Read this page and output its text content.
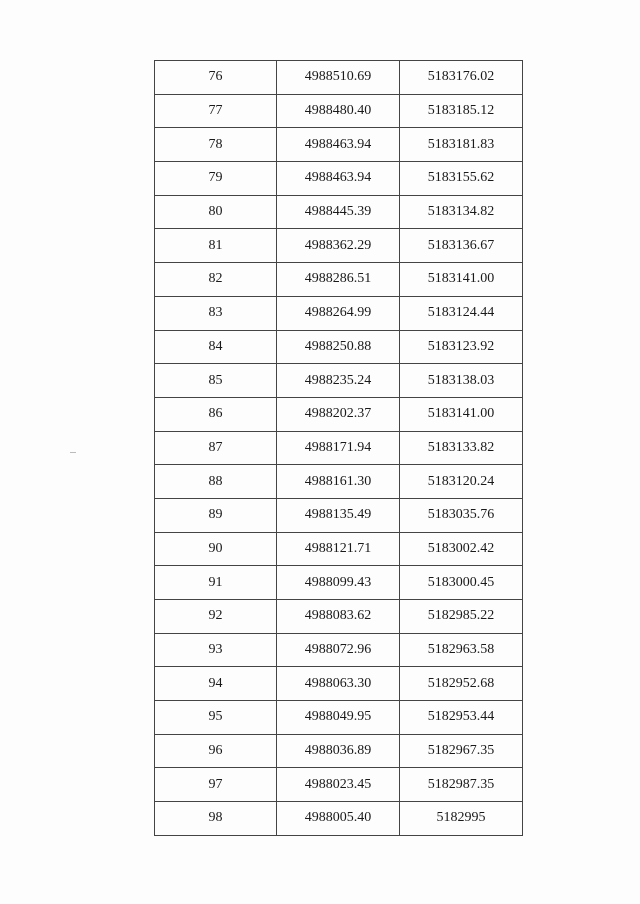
76	4988510.69	5183176.02
77	4988480.40	5183185.12
78	4988463.94	5183181.83
79	4988463.94	5183155.62
80	4988445.39	5183134.82
81	4988362.29	5183136.67
82	4988286.51	5183141.00
83	4988264.99	5183124.44
84	4988250.88	5183123.92
85	4988235.24	5183138.03
86	4988202.37	5183141.00
87	4988171.94	5183133.82
88	4988161.30	5183120.24
89	4988135.49	5183035.76
90	4988121.71	5183002.42
91	4988099.43	5183000.45
92	4988083.62	5182985.22
93	4988072.96	5182963.58
94	4988063.30	5182952.68
95	4988049.95	5182953.44
96	4988036.89	5182967.35
97	4988023.45	5182987.35
98	4988005.40	5182995
